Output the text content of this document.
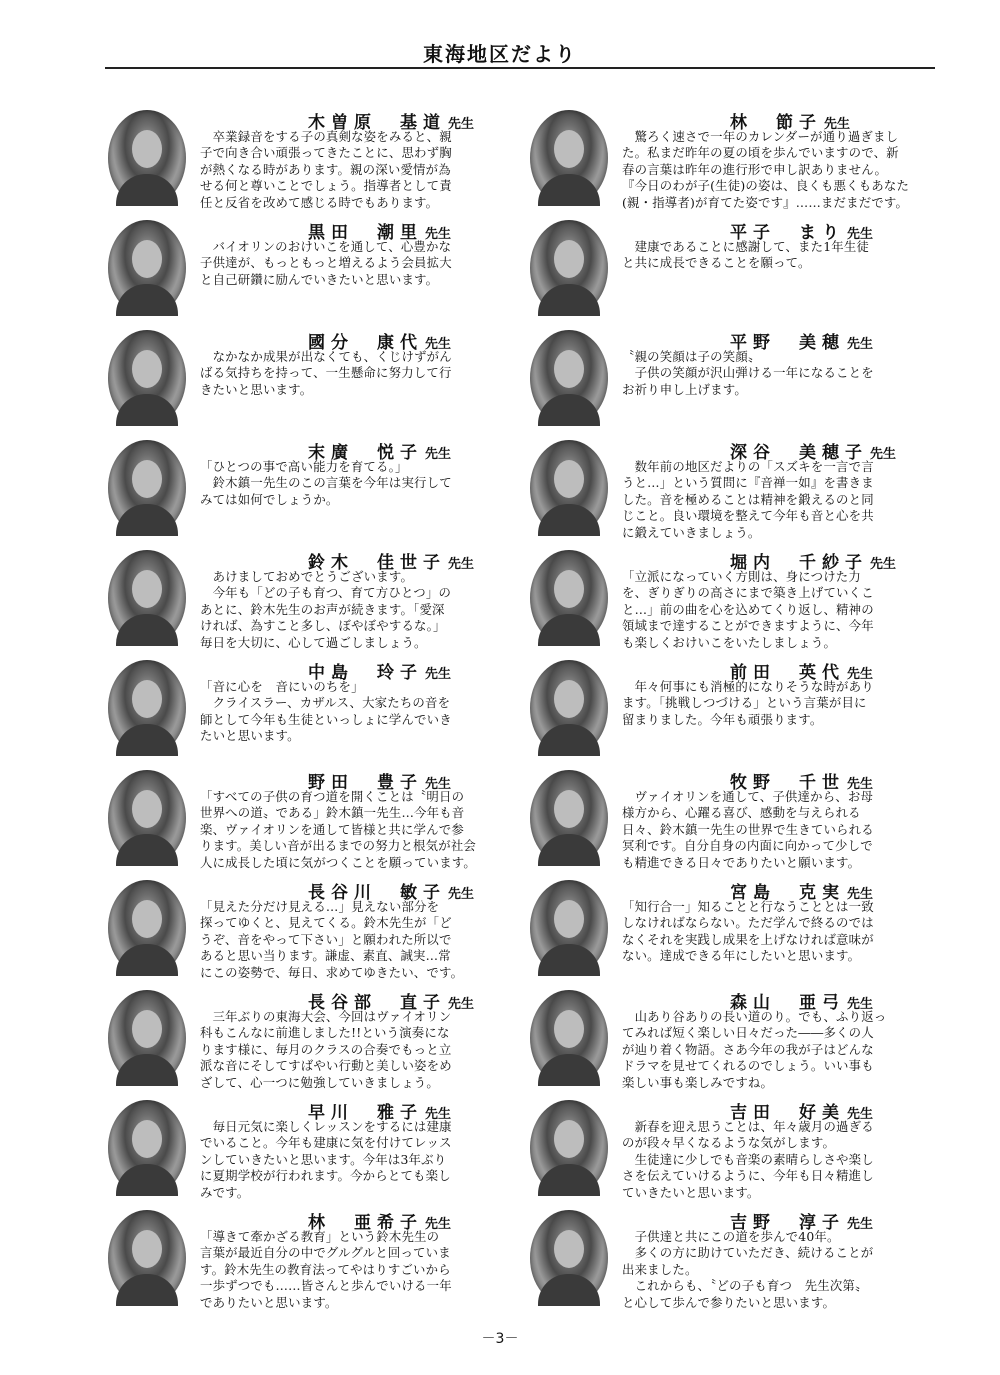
東海地区だより
木曽原　基道 先生
　卒業録音をする子の真剣な姿をみると、親
子で向き合い頑張ってきたことに、思わず胸
が熱くなる時があります。親の深い愛情が為
せる何と尊いことでしょう。指導者として責
任と反省を改めて感じる時でもあります。
黒田　潮里 先生
　バイオリンのおけいこを通して、心豊かな
子供達が、もっともっと増えるよう会員拡大
と自己研鑽に励んでいきたいと思います。
國分　康代 先生
　なかなか成果が出なくても、くじけずがん
ばる気持ちを持って、一生懸命に努力して行
きたいと思います。
末廣　悦子 先生
「ひとつの事で高い能力を育てる。」
　鈴木鎮一先生のこの言葉を今年は実行して
みては如何でしょうか。
鈴木　佳世子 先生
　あけましておめでとうございます。
　今年も「どの子も育つ、育て方ひとつ」の
あとに、鈴木先生のお声が続きます。「愛深
ければ、為すこと多し、ぼやぼやするな。」
毎日を大切に、心して過ごしましょう。
中島　玲子 先生
「音に心を　音にいのちを」
　クライスラー、カザルス、大家たちの音を
師として今年も生徒といっしょに学んでいき
たいと思います。
野田　豊子 先生
「すべての子供の育つ道を開くことは〝明日の
世界への道〟である」鈴木鎮一先生…今年も音
楽、ヴァイオリンを通して皆様と共に学んで参
ります。美しい音が出るまでの努力と根気が社会
人に成長した頃に気がつくことを願っています。
長谷川　敏子 先生
「見えた分だけ見える…」見えない部分を
探ってゆくと、見えてくる。鈴木先生が「ど
うぞ、音をやって下さい」と願われた所以で
あると思い当ります。謙虚、素直、誠実…常
にこの姿勢で、毎日、求めてゆきたい、です。
長谷部　直子 先生
　三年ぶりの東海大会、今回はヴァイオリン
科もこんなに前進しました!!という演奏にな
ります様に、毎月のクラスの合奏でもっと立
派な音にそしてすばやい行動と美しい姿をめ
ざして、心一つに勉強していきましょう。
早川　雅子 先生
　毎日元気に楽しくレッスンをするには建康
でいること。今年も建康に気を付けてレッス
ンしていきたいと思います。今年は3年ぶり
に夏期学校が行われます。今からとても楽し
みです。
林　亜希子 先生
「導きて牽かざる教育」という鈴木先生の
言葉が最近自分の中でグルグルと回っていま
す。鈴木先生の教育法ってやはりすごいから
一歩ずつでも……皆さんと歩んでいける一年
でありたいと思います。
林　節子 先生
　驚ろく速さで一年のカレンダーが通り過ぎまし
た。私まだ昨年の夏の頃を歩んでいますので、新
春の言葉は昨年の進行形で申し訳ありません。
『今日のわが子(生徒)の姿は、良くも悪くもあなた
(親・指導者)が育てた姿です』……まだまだです。
平子　まり 先生
　建康であることに感謝して、また1年生徒
と共に成長できることを願って。
平野　美穂 先生
〝親の笑顔は子の笑顔〟
　子供の笑顔が沢山弾ける一年になることを
お祈り申し上げます。
深谷　美穂子 先生
　数年前の地区だよりの「スズキを一言で言
うと…」という質問に『音禅一如』を書きま
した。音を極めることは精神を鍛えるのと同
じこと。良い環境を整えて今年も音と心を共
に鍛えていきましょう。
堀内　千紗子 先生
「立派になっていく方則は、身につけた力
を、ぎりぎりの高さにまで築き上げていくこ
と…」前の曲を心を込めてくり返し、精神の
領域まで達することができますように、今年
も楽しくおけいこをいたしましょう。
前田　英代 先生
　年々何事にも消極的になりそうな時があり
ます。「挑戦しつづける」という言葉が目に
留まりました。今年も頑張ります。
牧野　千世 先生
　ヴァイオリンを通して、子供達から、お母
様方から、心躍る喜び、感動を与えられる
日々、鈴木鎮一先生の世界で生きていられる
冥利です。自分自身の内面に向かって少しで
も精進できる日々でありたいと願います。
宮島　克実 先生
「知行合一」知ることと行なうこととは一致
しなければならない。ただ学んで終るのでは
なくそれを実践し成果を上げなければ意味が
ない。達成できる年にしたいと思います。
森山　亜弓 先生
　山あり谷ありの長い道のり。でも、ふり返っ
てみれば短く楽しい日々だった――多くの人
が辿り着く物語。さあ今年の我が子はどんな
ドラマを見せてくれるのでしょう。いい事も
楽しい事も楽しみですね。
吉田　好美 先生
　新春を迎え思うことは、年々歳月の過ぎる
のが段々早くなるような気がします。
　生徒達に少しでも音楽の素晴らしさや楽し
さを伝えていけるように、今年も日々精進し
ていきたいと思います。
吉野　淳子 先生
　子供達と共にこの道を歩んで40年。
　多くの方に助けていただき、続けることが
出来ました。
　これからも、〝どの子も育つ　先生次第〟
と心して歩んで参りたいと思います。
－3－
